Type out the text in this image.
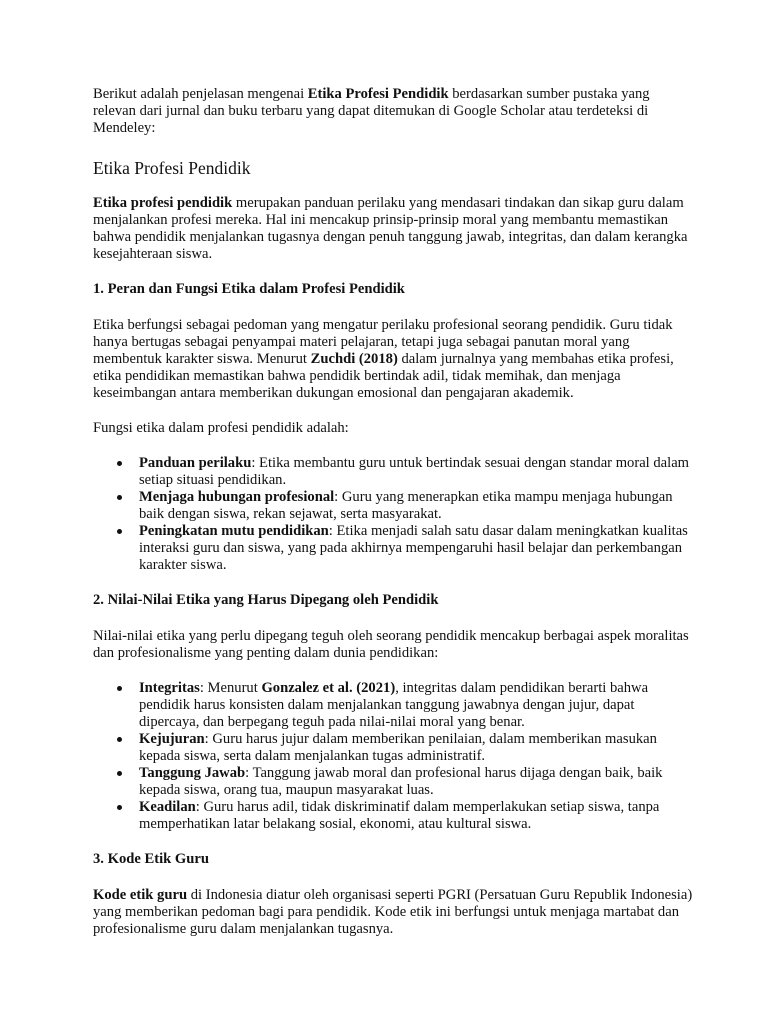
Berikut adalah penjelasan mengenai Etika Profesi Pendidik berdasarkan sumber pustaka yang relevan dari jurnal dan buku terbaru yang dapat ditemukan di Google Scholar atau terdeteksi di Mendeley:

Etika Profesi Pendidik

Etika profesi pendidik merupakan panduan perilaku yang mendasari tindakan dan sikap guru dalam menjalankan profesi mereka. Hal ini mencakup prinsip-prinsip moral yang membantu memastikan bahwa pendidik menjalankan tugasnya dengan penuh tanggung jawab, integritas, dan dalam kerangka kesejahteraan siswa.

1. Peran dan Fungsi Etika dalam Profesi Pendidik

Etika berfungsi sebagai pedoman yang mengatur perilaku profesional seorang pendidik. Guru tidak hanya bertugas sebagai penyampai materi pelajaran, tetapi juga sebagai panutan moral yang membentuk karakter siswa. Menurut Zuchdi (2018) dalam jurnalnya yang membahas etika profesi, etika pendidikan memastikan bahwa pendidik bertindak adil, tidak memihak, dan menjaga keseimbangan antara memberikan dukungan emosional dan pengajaran akademik.

Fungsi etika dalam profesi pendidik adalah:

Panduan perilaku: Etika membantu guru untuk bertindak sesuai dengan standar moral dalam setiap situasi pendidikan.
Menjaga hubungan profesional: Guru yang menerapkan etika mampu menjaga hubungan baik dengan siswa, rekan sejawat, serta masyarakat.
Peningkatan mutu pendidikan: Etika menjadi salah satu dasar dalam meningkatkan kualitas interaksi guru dan siswa, yang pada akhirnya mempengaruhi hasil belajar dan perkembangan karakter siswa.
2. Nilai-Nilai Etika yang Harus Dipegang oleh Pendidik

Nilai-nilai etika yang perlu dipegang teguh oleh seorang pendidik mencakup berbagai aspek moralitas dan profesionalisme yang penting dalam dunia pendidikan:

Integritas: Menurut Gonzalez et al. (2021), integritas dalam pendidikan berarti bahwa pendidik harus konsisten dalam menjalankan tanggung jawabnya dengan jujur, dapat dipercaya, dan berpegang teguh pada nilai-nilai moral yang benar.
Kejujuran: Guru harus jujur dalam memberikan penilaian, dalam memberikan masukan kepada siswa, serta dalam menjalankan tugas administratif.
Tanggung Jawab: Tanggung jawab moral dan profesional harus dijaga dengan baik, baik kepada siswa, orang tua, maupun masyarakat luas.
Keadilan: Guru harus adil, tidak diskriminatif dalam memperlakukan setiap siswa, tanpa memperhatikan latar belakang sosial, ekonomi, atau kultural siswa.
3. Kode Etik Guru

Kode etik guru di Indonesia diatur oleh organisasi seperti PGRI (Persatuan Guru Republik Indonesia) yang memberikan pedoman bagi para pendidik. Kode etik ini berfungsi untuk menjaga martabat dan profesionalisme guru dalam menjalankan tugasnya.
